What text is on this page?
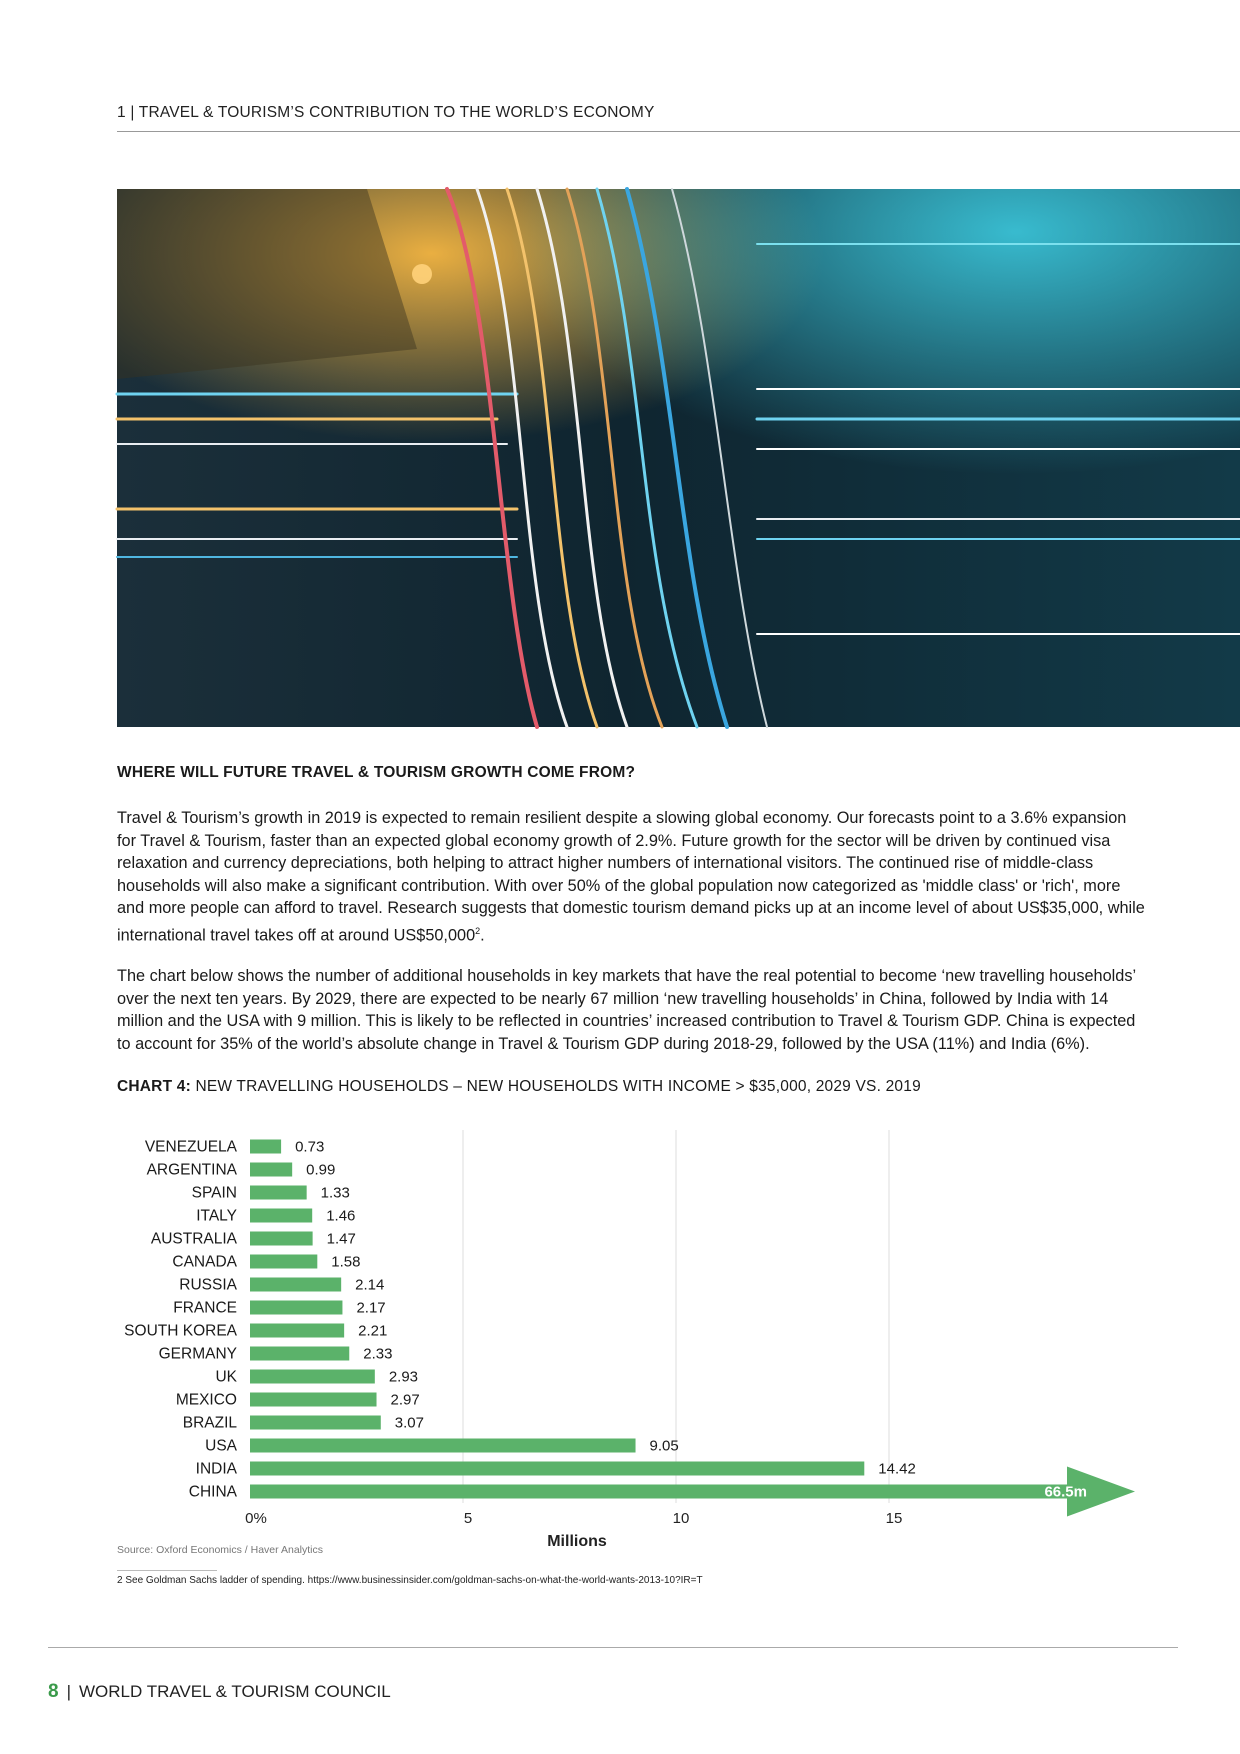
1 | TRAVEL & TOURISM’S CONTRIBUTION TO THE WORLD’S ECONOMY
WHERE WILL FUTURE TRAVEL & TOURISM GROWTH COME FROM?
Travel & Tourism’s growth in 2019 is expected to remain resilient despite a slowing global economy. Our forecasts point to a 3.6% expansion for Travel & Tourism, faster than an expected global economy growth of 2.9%. Future growth for the sector will be driven by continued visa relaxation and currency depreciations, both helping to attract higher numbers of international visitors. The continued rise of middle-class households will also make a significant contribution. With over 50% of the global population now categorized as 'middle class' or 'rich', more and more people can afford to travel. Research suggests that domestic tourism demand picks up at an income level of about US$35,000, while international travel takes off at around US$50,000$^2$.
The chart below shows the number of additional households in key markets that have the real potential to become ‘new travelling households’ over the next ten years. By 2029, there are expected to be nearly 67 million ‘new travelling households’ in China, followed by India with 14 million and the USA with 9 million. This is likely to be reflected in countries’ increased contribution to Travel & Tourism GDP. China is expected to account for 35% of the world’s absolute change in Travel & Tourism GDP during 2018-29, followed by the USA (11%) and India (6%).
CHART 4: NEW TRAVELLING HOUSEHOLDS – NEW HOUSEHOLDS WITH INCOME > $35,000, 2029 VS. 2019
0%	5	10	15
Millions
VENEZUELA	0.73
ARGENTINA	0.99
SPAIN	1.33
ITALY	1.46
AUSTRALIA	1.47
CANADA	1.58
RUSSIA	2.14
FRANCE	2.17
SOUTH KOREA	2.21
GERMANY	2.33
UK	2.93
MEXICO	2.97
BRAZIL	3.07
USA	9.05
INDIA	14.42
CHINA	66.5m
Source: Oxford Economics / Haver Analytics
2 See Goldman Sachs ladder of spending. https://www.businessinsider.com/goldman-sachs-on-what-the-world-wants-2013-10?IR=T
8 | WORLD TRAVEL & TOURISM COUNCIL
